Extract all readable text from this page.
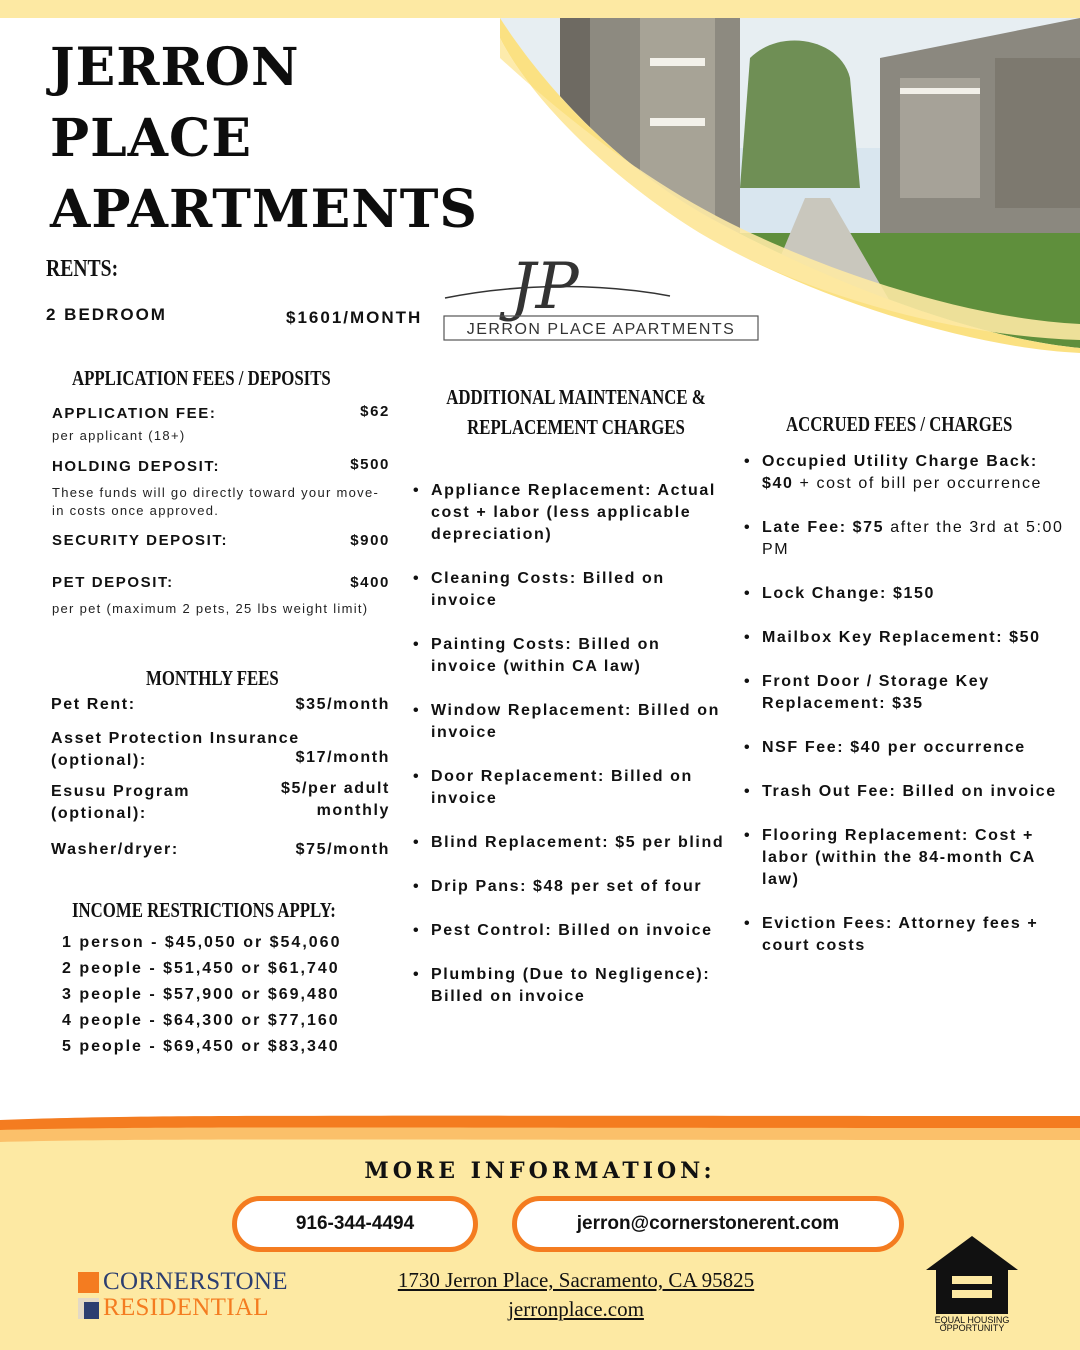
JERRON
PLACE
APARTMENTS
RENTS:
2 BEDROOM	$1601/MONTH JP
JERRON PLACE APARTMENTS
APPLICATION FEES / DEPOSITS
APPLICATION FEE:	$62
per applicant (18+)
HOLDING DEPOSIT:	$500
These funds will go directly toward your move-in costs once approved.
SECURITY DEPOSIT:	$900
PET DEPOSIT:	$400
per pet (maximum 2 pets, 25 lbs weight limit)
MONTHLY FEES
Pet Rent:	$35/month
Asset Protection Insurance (optional):	$17/month
Esusu Program (optional):
$5/per adult monthly
Washer/dryer:	$75/month
INCOME RESTRICTIONS APPLY:
1 person - $45,050 or $54,060
2 people - $51,450 or $61,740
3 people - $57,900 or $69,480
4 people - $64,300 or $77,160
5 people - $69,450 or $83,340
ADDITIONAL MAINTENANCE &
REPLACEMENT CHARGES
• Appliance Replacement: Actual cost + labor (less applicable depreciation)
• Cleaning Costs: Billed on invoice
• Painting Costs: Billed on invoice (within CA law)
• Window Replacement: Billed on invoice
• Door Replacement: Billed on invoice
• Blind Replacement: $5 per blind
• Drip Pans: $48 per set of four
• Pest Control: Billed on invoice
• Plumbing (Due to Negligence): Billed on invoice
ACCRUED FEES / CHARGES
• Occupied Utility Charge Back: $40 + cost of bill per occurrence
• Late Fee: $75 after the 3rd at 5:00 PM
• Lock Change: $150
• Mailbox Key Replacement: $50
• Front Door / Storage Key Replacement: $35
• NSF Fee: $40 per occurrence
• Trash Out Fee: Billed on invoice
• Flooring Replacement: Cost + labor (within the 84-month CA law)
• Eviction Fees: Attorney fees + court costs
MORE INFORMATION:
916-344-4494	jerron@cornerstonerent.com
1730 Jerron Place, Sacramento, CA 95825
jerronplace.com
CORNERSTONE
RESIDENTIAL	EQUAL HOUSING
OPPORTUNITY
